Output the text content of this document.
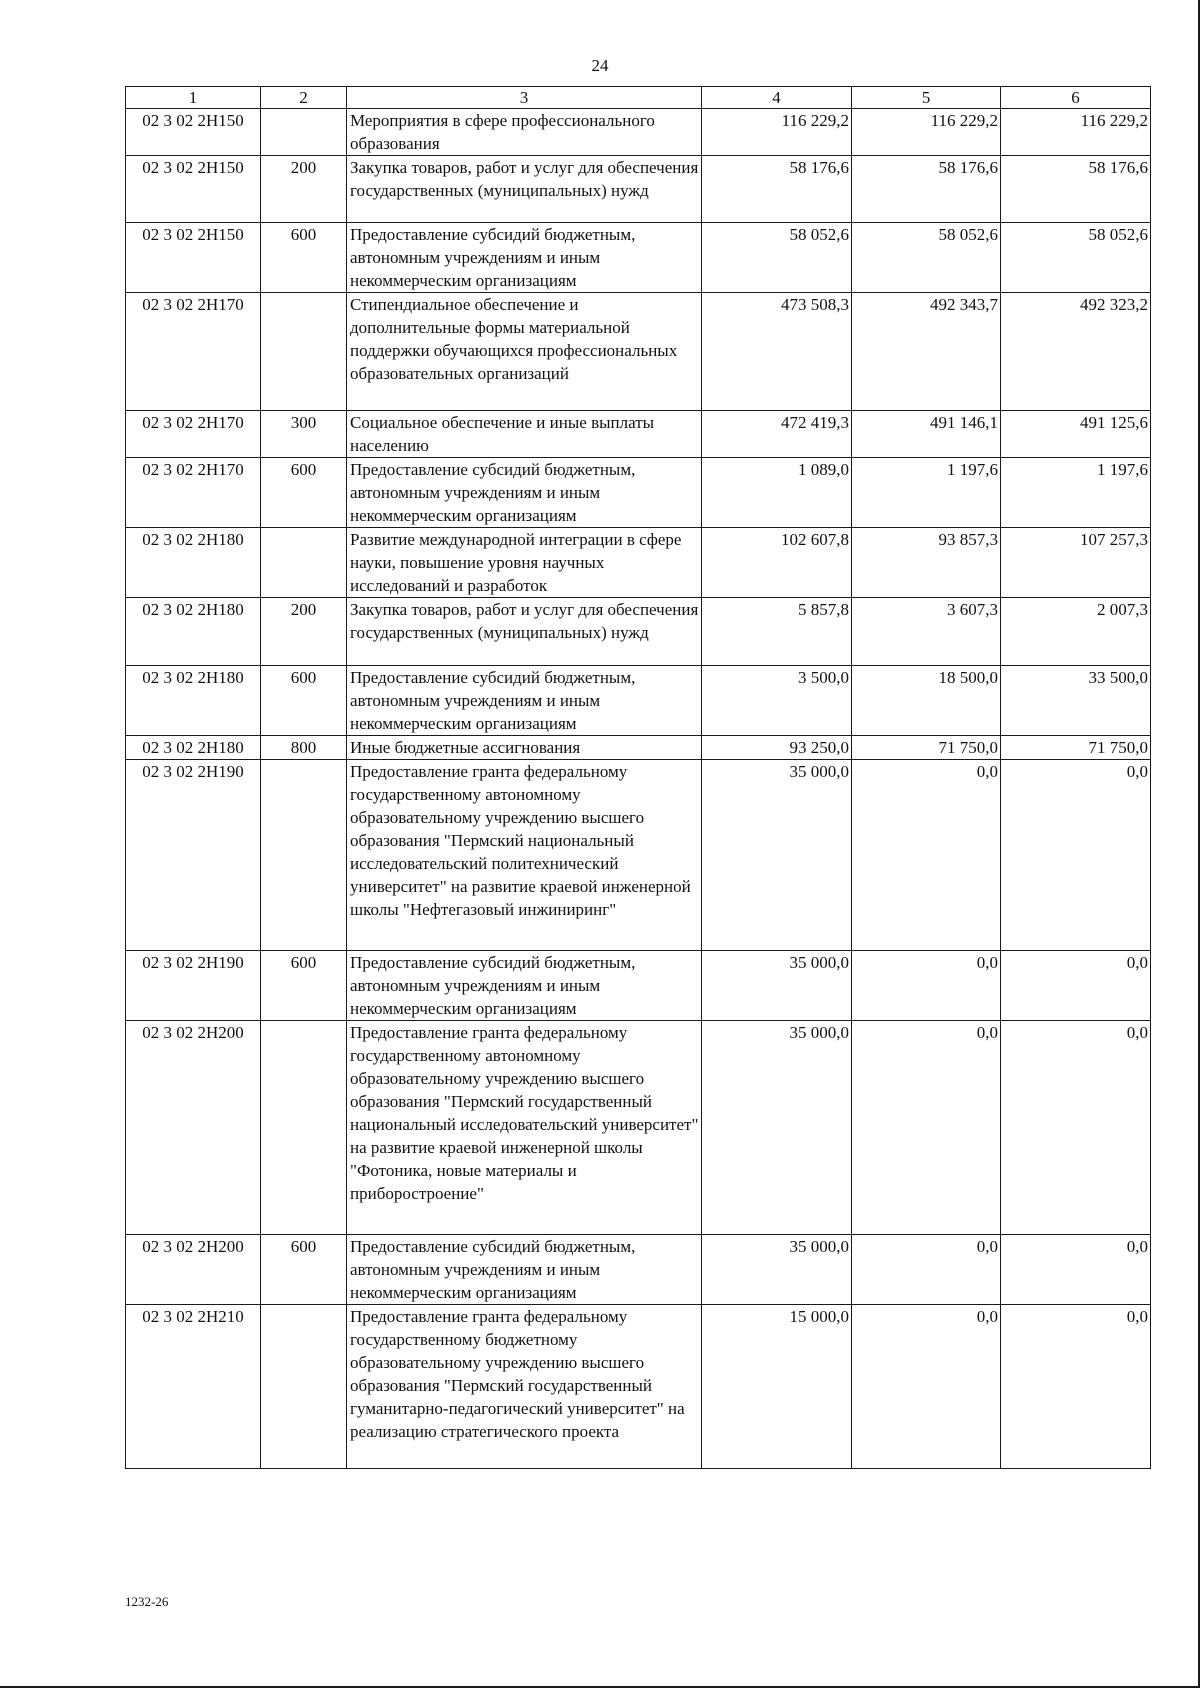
24
1	2	3	4	5	6
02 3 02 2Н150		Мероприятия в сфере профессионального образования	116 229,2	116 229,2	116 229,2
02 3 02 2Н150	200	Закупка товаров, работ и услуг для обеспечения государственных (муниципальных) нужд	58 176,6	58 176,6	58 176,6
02 3 02 2Н150	600	Предоставление субсидий бюджетным, автономным учреждениям и иным некоммерческим организациям	58 052,6	58 052,6	58 052,6
02 3 02 2Н170		Стипендиальное обеспечение и дополнительные формы материальной поддержки обучающихся профессиональных образовательных организаций	473 508,3	492 343,7	492 323,2
02 3 02 2Н170	300	Социальное обеспечение и иные выплаты населению	472 419,3	491 146,1	491 125,6
02 3 02 2Н170	600	Предоставление субсидий бюджетным, автономным учреждениям и иным некоммерческим организациям	1 089,0	1 197,6	1 197,6
02 3 02 2Н180		Развитие международной интеграции в сфере науки, повышение уровня научных исследований и разработок	102 607,8	93 857,3	107 257,3
02 3 02 2Н180	200	Закупка товаров, работ и услуг для обеспечения государственных (муниципальных) нужд	5 857,8	3 607,3	2 007,3
02 3 02 2Н180	600	Предоставление субсидий бюджетным, автономным учреждениям и иным некоммерческим организациям	3 500,0	18 500,0	33 500,0
02 3 02 2Н180	800	Иные бюджетные ассигнования	93 250,0	71 750,0	71 750,0
02 3 02 2Н190		Предоставление гранта федеральному государственному автономному образовательному учреждению высшего образования "Пермский национальный исследовательский политехнический университет" на развитие краевой инженерной школы "Нефтегазовый инжиниринг"	35 000,0	0,0	0,0
02 3 02 2Н190	600	Предоставление субсидий бюджетным, автономным учреждениям и иным некоммерческим организациям	35 000,0	0,0	0,0
02 3 02 2Н200		Предоставление гранта федеральному государственному автономному образовательному учреждению высшего образования "Пермский государственный национальный исследовательский университет" на развитие краевой инженерной школы "Фотоника, новые материалы и приборостроение"	35 000,0	0,0	0,0
02 3 02 2Н200	600	Предоставление субсидий бюджетным, автономным учреждениям и иным некоммерческим организациям	35 000,0	0,0	0,0
02 3 02 2Н210		Предоставление гранта федеральному государственному бюджетному образовательному учреждению высшего образования "Пермский государственный гуманитарно-педагогический университет" на реализацию стратегического проекта	15 000,0	0,0	0,0
1232-26
